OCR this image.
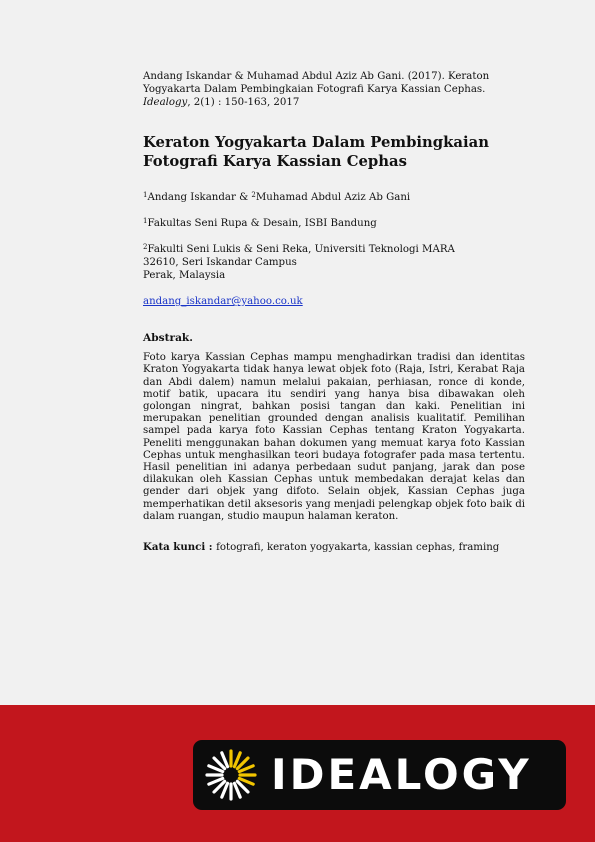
Andang Iskandar & Muhamad Abdul Aziz Ab Gani. (2017). Keraton Yogyakarta Dalam Pembingkaian Fotografi Karya Kassian Cephas. Idealogy, 2(1) : 150-163, 2017
Keraton Yogyakarta Dalam Pembingkaian Fotografi Karya Kassian Cephas
$^1$Andang Iskandar & $^2$Muhamad Abdul Aziz Ab Gani
$^1$Fakultas Seni Rupa & Desain, ISBI Bandung
$^2$Fakulti Seni Lukis & Seni Reka, Universiti Teknologi MARA
32610, Seri Iskandar Campus
Perak, Malaysia
andang_iskandar@yahoo.co.uk
Abstrak.
Foto karya Kassian Cephas mampu menghadirkan tradisi dan identitas Kraton Yogyakarta tidak hanya lewat objek foto (Raja, Istri, Kerabat Raja dan Abdi dalem) namun melalui pakaian, perhiasan, ronce di konde, motif batik, upacara itu sendiri yang hanya bisa dibawakan oleh golongan ningrat, bahkan posisi tangan dan kaki. Penelitian ini merupakan penelitian grounded dengan analisis kualitatif. Pemilihan sampel pada karya foto Kassian Cephas tentang Kraton Yogyakarta. Peneliti menggunakan bahan dokumen yang memuat karya foto Kassian Cephas untuk menghasilkan teori budaya fotografer pada masa tertentu. Hasil penelitian ini adanya perbedaan sudut panjang, jarak dan pose dilakukan oleh Kassian Cephas untuk membedakan derajat kelas dan gender dari objek yang difoto. Selain objek, Kassian Cephas juga memperhatikan detil aksesoris yang menjadi pelengkap objek foto baik di dalam ruangan, studio maupun halaman keraton.
Kata kunci : fotografi, keraton yogyakarta, kassian cephas, framing
IDEALOGY
